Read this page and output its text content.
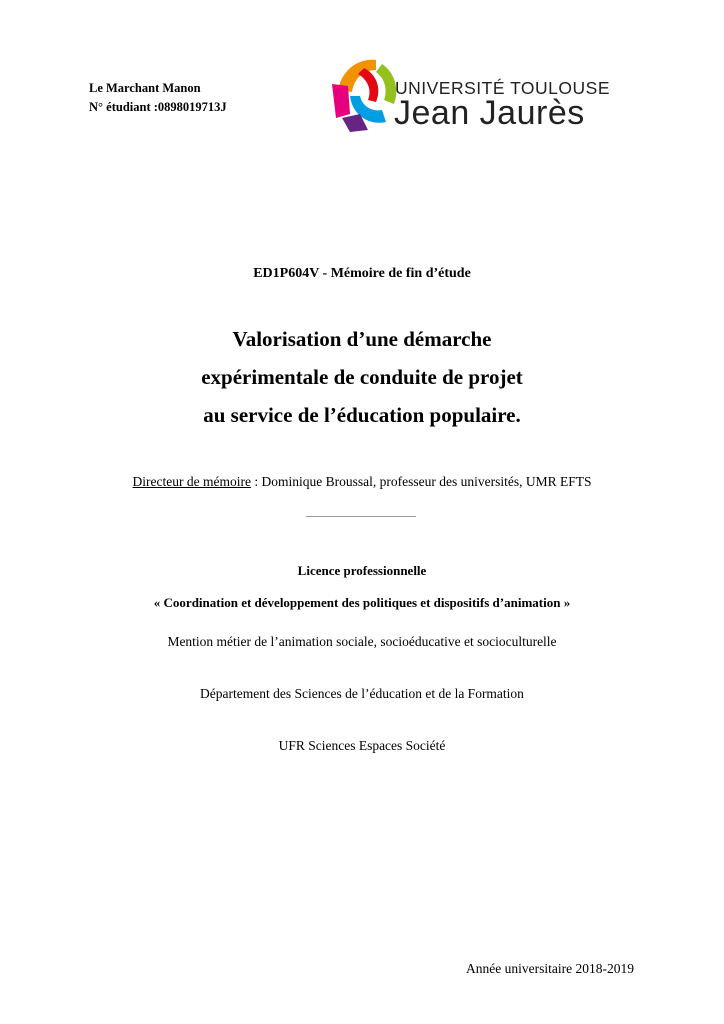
Le Marchant Manon
N° étudiant :0898019713J
UNIVERSITÉ TOULOUSE
Jean Jaurès
ED1P604V - Mémoire de fin d’étude
Valorisation d’une démarche
expérimentale de conduite de projet
au service de l’éducation populaire.
Directeur de mémoire : Dominique Broussal, professeur des universités, UMR EFTS
Licence professionnelle
« Coordination et développement des politiques et dispositifs d’animation »
Mention métier de l’animation sociale, socioéducative et socioculturelle
Département des Sciences de l’éducation et de la Formation
UFR Sciences Espaces Société
Année universitaire 2018-2019
